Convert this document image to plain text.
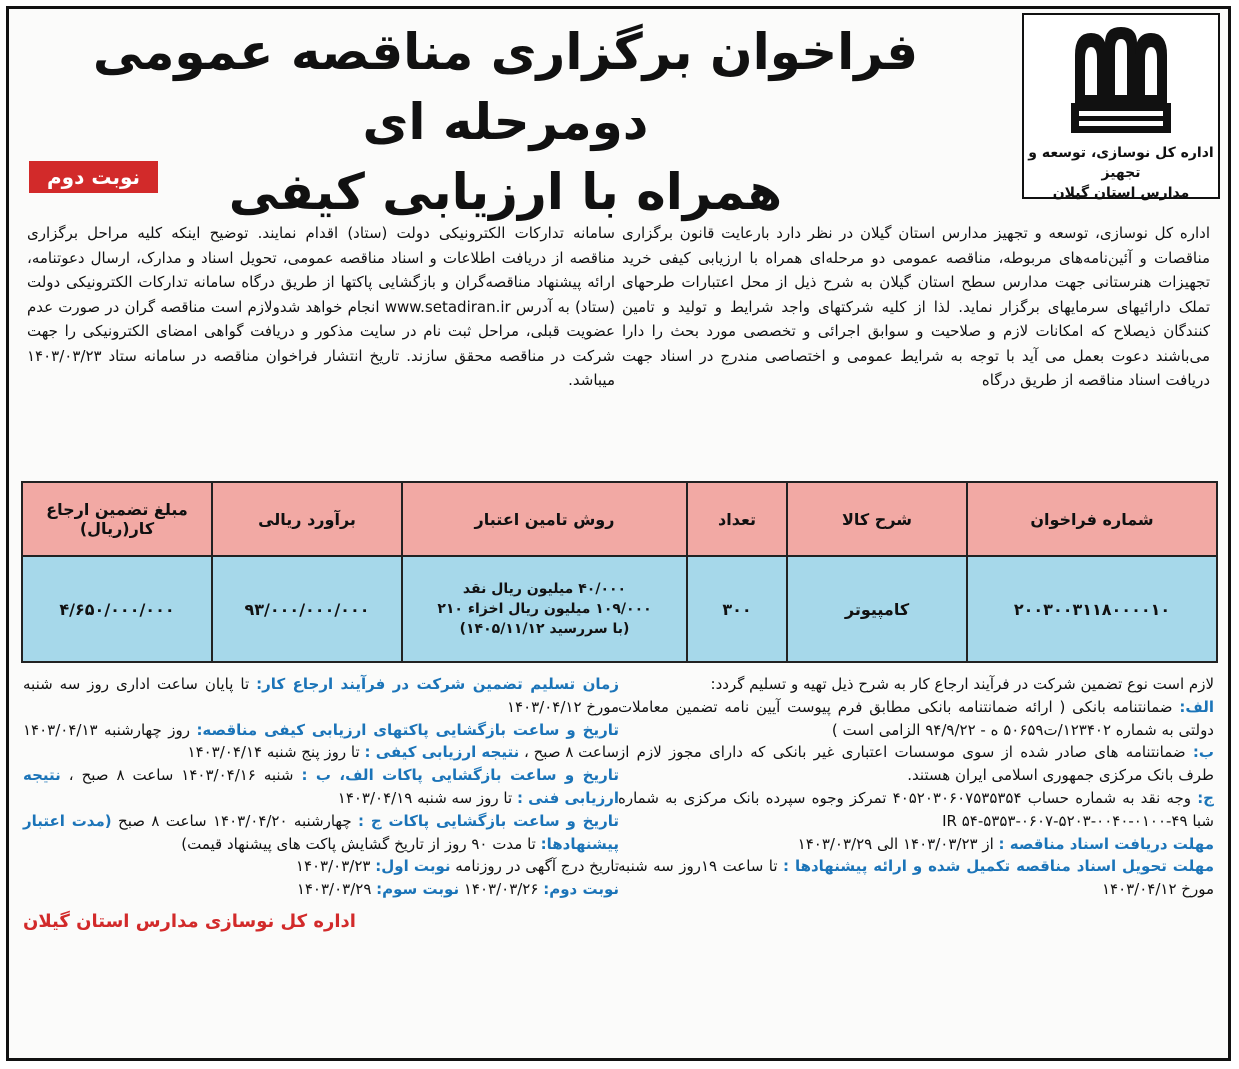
اداره کل نوسازی، توسعه و تجهیز
مدارس استان گیلان
فراخوان برگزاری مناقصه عمومی دومرحله ای
همراه با ارزیابی کیفی
نوبت دوم
اداره کل نوسازی، توسعه و تجهیز مدارس استان گیلان در نظر دارد بارعایت قانون برگزاری مناقصات و آئین‌نامه‌های مربوطه، مناقصه عمومی دو مرحله‌ای همراه با ارزیابی کیفی خرید تجهیزات هنرستانی جهت مدارس سطح استان گیلان به شرح ذیل از محل اعتبارات طرحهای تملک دارائیهای سرمایهای برگزار نماید. لذا از کلیه شرکتهای واجد شرایط و تولید و تامین کنندگان ذیصلاح که امکانات لازم و صلاحیت و سوابق اجرائی و تخصصی مورد بحث را دارا می‌باشند دعوت بعمل می آید با توجه به شرایط عمومی و اختصاصی مندرج در اسناد جهت دریافت اسناد مناقصه از طریق درگاه
سامانه تدارکات الکترونیکی دولت (ستاد) اقدام نمایند. توضیح اینکه کلیه مراحل برگزاری مناقصه از دریافت اطلاعات و اسناد مناقصه عمومی، تحویل اسناد و مدارک، ارسال دعوتنامه، ارائه پیشنهاد مناقصه‌گران و بازگشایی پاکتها از طریق درگاه سامانه تدارکات الکترونیکی دولت (ستاد) به آدرس www.setadiran.ir انجام خواهد شدولازم است مناقصه گران در صورت عدم عضویت قبلی، مراحل ثبت نام در سایت مذکور و دریافت گواهی امضای الکترونیکی را جهت شرکت در مناقصه محقق سازند. تاریخ انتشار فراخوان مناقصه در سامانه ستاد ۱۴۰۳/۰۳/۲۳ میباشد.
شماره فراخوان	شرح کالا	تعداد	روش تامین اعتبار	برآورد ریالی	مبلغ تضمین ارجاع کار(ریال)
۲۰۰۳۰۰۳۱۱۸۰۰۰۰۱۰	کامپیوتر	۳۰۰	۴۰/۰۰۰ میلیون ریال نقد
۱۰۹/۰۰۰ میلیون ریال اخزاء ۲۱۰
(با سررسید ۱۴۰۵/۱۱/۱۲)	۹۳/۰۰۰/۰۰۰/۰۰۰	۴/۶۵۰/۰۰۰/۰۰۰
لازم است نوع تضمین شرکت در فرآیند ارجاع کار به شرح ذیل تهیه و تسلیم گردد:
الف: ضمانتنامه بانکی ( ارائه ضمانتنامه بانکی مطابق فرم پیوست آیین نامه تضمین معاملات دولتی به شماره ۱۲۳۴۰۲/ت۵۰۶۵۹ ه - ۹۴/۹/۲۲ الزامی است )
ب: ضمانتنامه های صادر شده از سوی موسسات اعتباری غیر بانکی که دارای مجوز لازم از طرف بانک مرکزی جمهوری اسلامی ایران هستند.
ج: وجه نقد به شماره حساب ۴۰۵۲۰۳۰۶۰۷۵۳۵۳۵۴ تمرکز وجوه سپرده بانک مرکزی به شماره شبا IR ۵۴-۵۳۵۳-۰۶۰۷-۵۲۰۳-۰۰۴۰-۰۱۰۰-۴۹
مهلت دریافت اسناد مناقصه : از ۱۴۰۳/۰۳/۲۳ الی ۱۴۰۳/۰۳/۲۹
مهلت تحویل اسناد مناقصه تکمیل شده و ارائه پیشنهادها : تا ساعت ۱۹روز سه شنبه مورخ ۱۴۰۳/۰۴/۱۲
زمان تسلیم تضمین شرکت در فرآیند ارجاع کار: تا پایان ساعت اداری روز سه شنبه مورخ ۱۴۰۳/۰۴/۱۲
تاریخ و ساعت بازگشایی پاکتهای ارزیابی کیفی مناقصه: روز چهارشنبه ۱۴۰۳/۰۴/۱۳ ساعت ۸ صبح ، نتیجه ارزیابی کیفی : تا روز پنج شنبه ۱۴۰۳/۰۴/۱۴
تاریخ و ساعت بازگشایی پاکات الف، ب : شنبه ۱۴۰۳/۰۴/۱۶ ساعت ۸ صبح ، نتیجه ارزیابی فنی : تا روز سه شنبه ۱۴۰۳/۰۴/۱۹
تاریخ و ساعت بازگشایی پاکات ج : چهارشنبه ۱۴۰۳/۰۴/۲۰ ساعت ۸ صبح (مدت اعتبار پیشنهادها: تا مدت ۹۰ روز از تاریخ گشایش پاکت های پیشنهاد قیمت)
تاریخ درج آگهی در روزنامه نوبت اول: ۱۴۰۳/۰۳/۲۳
نوبت دوم: ۱۴۰۳/۰۳/۲۶ نوبت سوم: ۱۴۰۳/۰۳/۲۹
اداره کل نوسازی مدارس استان گیلان
